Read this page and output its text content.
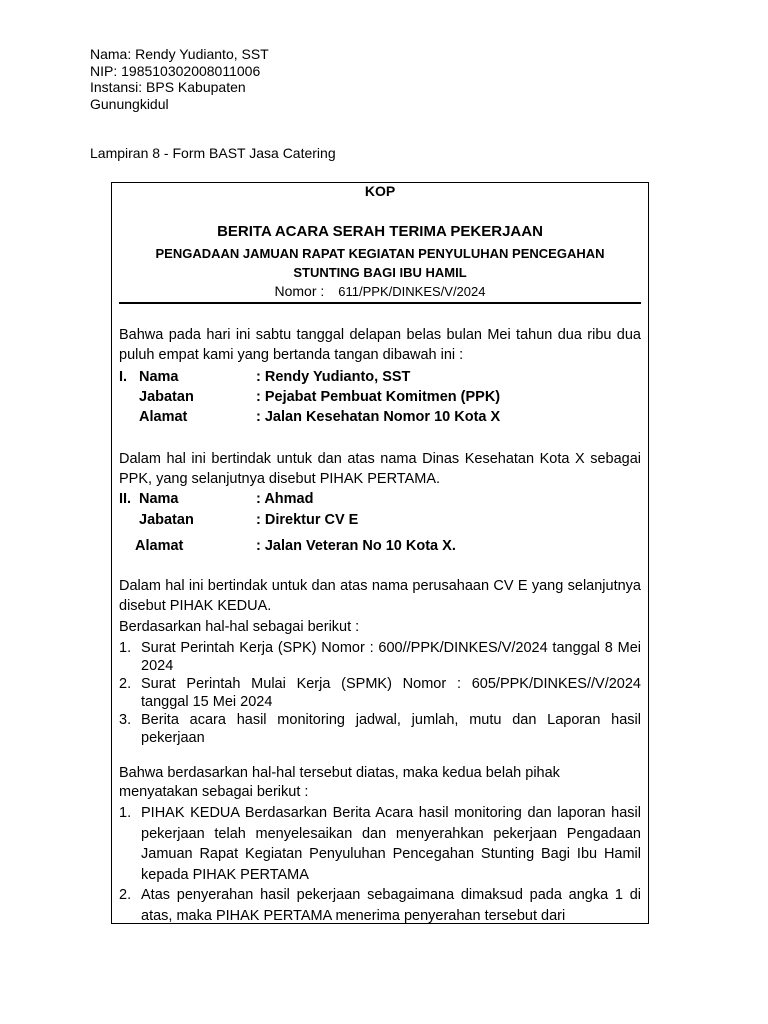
Nama: Rendy Yudianto, SST
NIP: 198510302008011006
Instansi: BPS Kabupaten
Gunungkidul
Lampiran 8 - Form BAST Jasa Catering
KOP
BERITA ACARA SERAH TERIMA PEKERJAAN
PENGADAAN JAMUAN RAPAT KEGIATAN PENYULUHAN PENCEGAHAN
STUNTING BAGI IBU HAMIL
Nomor : 611/PPK/DINKES/V/2024
Bahwa pada hari ini sabtu tanggal delapan belas bulan Mei tahun dua ribu dua puluh empat kami yang bertanda tangan dibawah ini :
I. Nama	: Rendy Yudianto, SST
Jabatan	: Pejabat Pembuat Komitmen (PPK)
Alamat	: Jalan Kesehatan Nomor 10 Kota X
Dalam hal ini bertindak untuk dan atas nama Dinas Kesehatan Kota X sebagai PPK, yang selanjutnya disebut PIHAK PERTAMA.
II. Nama	: Ahmad
Jabatan	: Direktur CV E
Alamat	: Jalan Veteran No 10 Kota X.
Dalam hal ini bertindak untuk dan atas nama perusahaan CV E yang selanjutnya disebut PIHAK KEDUA.
Berdasarkan hal-hal sebagai berikut :
1. Surat Perintah Kerja (SPK) Nomor : 600//PPK/DINKES/V/2024 tanggal 8 Mei 2024
2. Surat Perintah Mulai Kerja (SPMK) Nomor : 605/PPK/DINKES//V/2024 tanggal 15 Mei 2024
3. Berita acara hasil monitoring jadwal, jumlah, mutu dan Laporan hasil pekerjaan
Bahwa berdasarkan hal-hal tersebut diatas, maka kedua belah pihak menyatakan sebagai berikut :
1. PIHAK KEDUA Berdasarkan Berita Acara hasil monitoring dan laporan hasil pekerjaan telah menyelesaikan dan menyerahkan pekerjaan Pengadaan Jamuan Rapat Kegiatan Penyuluhan Pencegahan Stunting Bagi Ibu Hamil kepada PIHAK PERTAMA
2. Atas penyerahan hasil pekerjaan sebagaimana dimaksud pada angka 1 di atas, maka PIHAK PERTAMA menerima penyerahan tersebut dari
